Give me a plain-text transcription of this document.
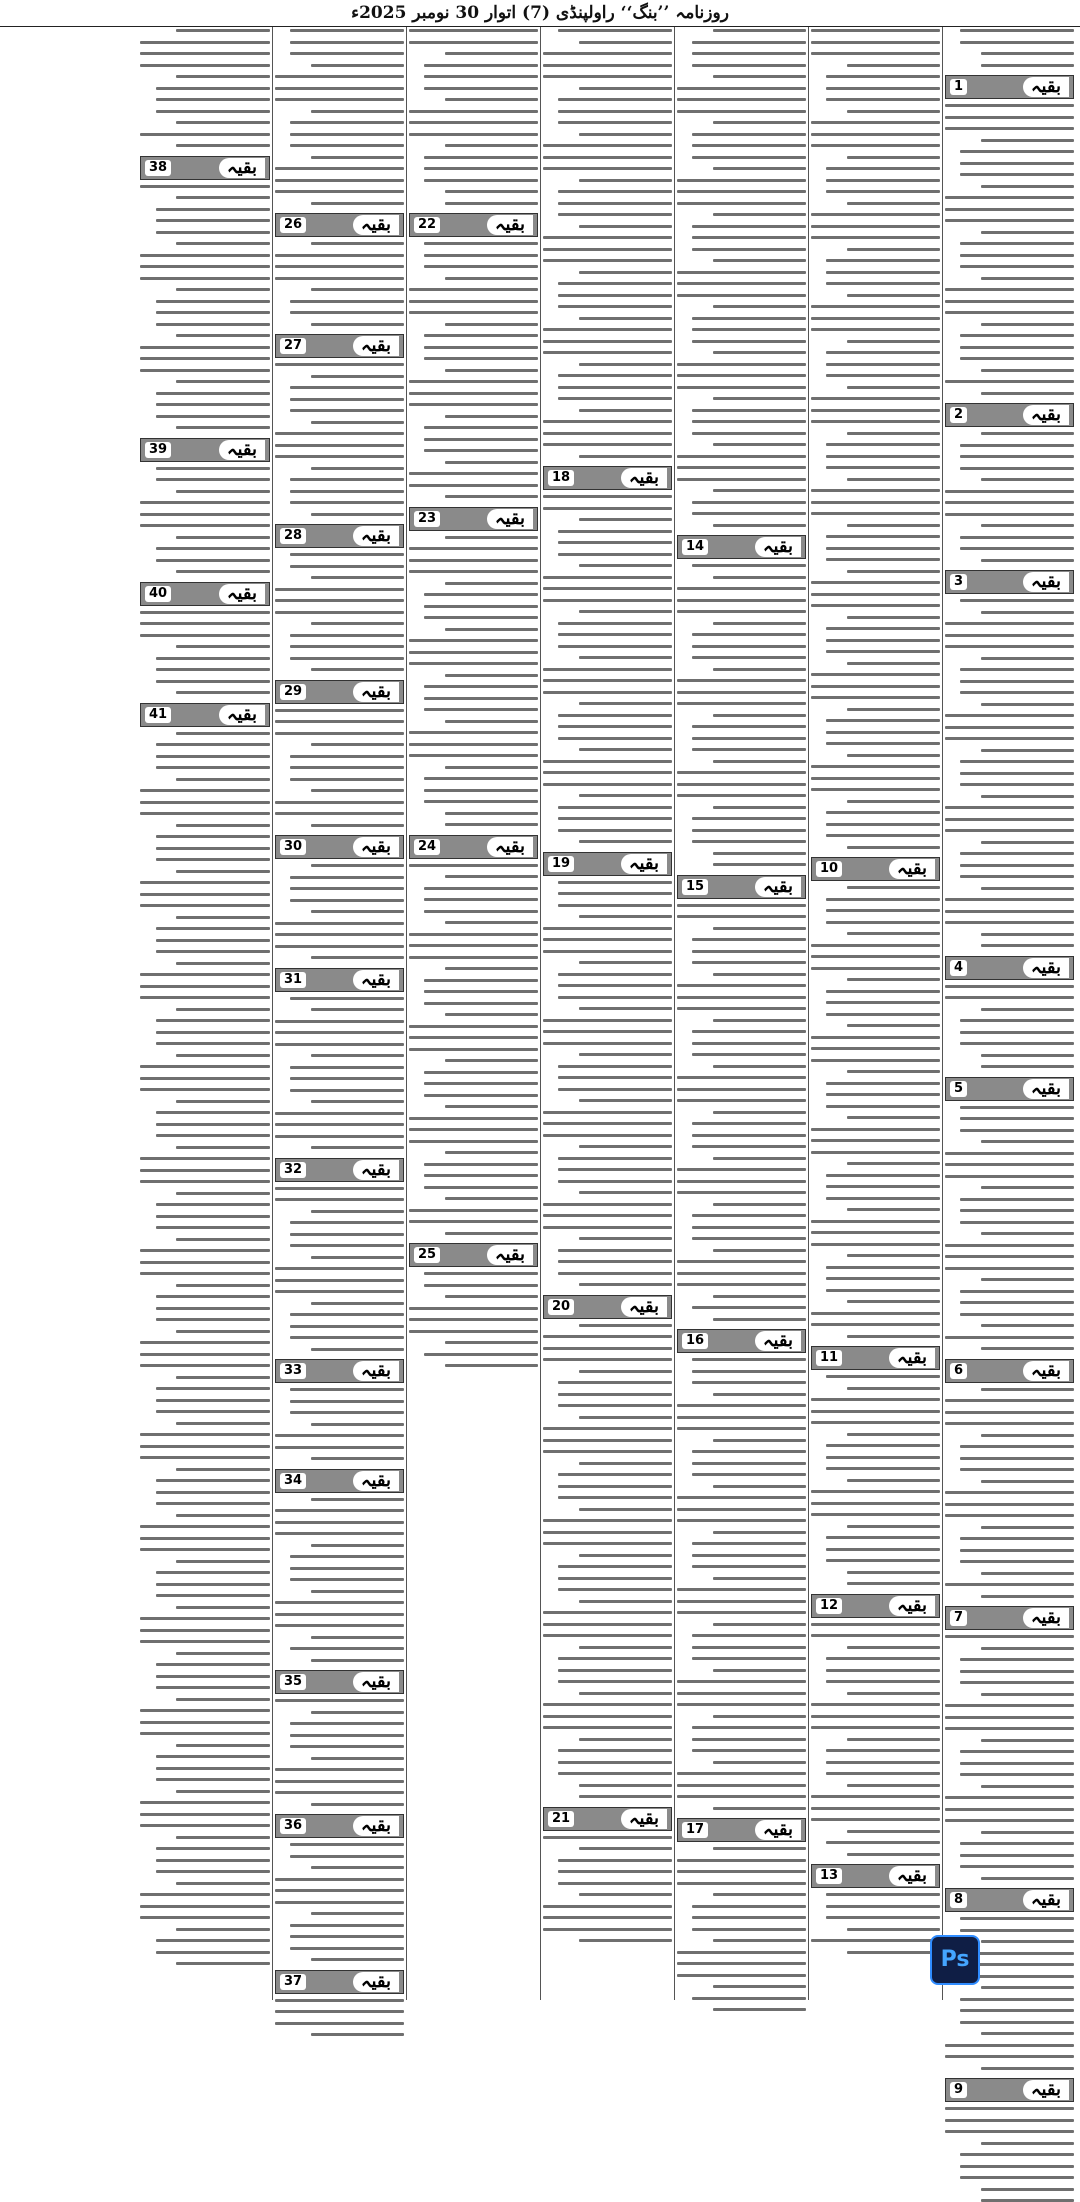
روزنامہ ’’بنگ‘‘ راولپنڈی (7) اتوار 30 نومبر 2025ء
1	بقیہ
2	بقیہ
3	بقیہ
4	بقیہ
5	بقیہ
6	بقیہ
7	بقیہ
8	بقیہ
9	بقیہ
10	بقیہ
11	بقیہ
12	بقیہ
13	بقیہ
14	بقیہ
15	بقیہ
16	بقیہ
17	بقیہ
18	بقیہ
19	بقیہ
20	بقیہ
21	بقیہ
22	بقیہ
23	بقیہ
24	بقیہ
25	بقیہ
26	بقیہ
27	بقیہ
28	بقیہ
29	بقیہ
30	بقیہ
31	بقیہ
32	بقیہ
33	بقیہ
34	بقیہ
35	بقیہ
36	بقیہ
37	بقیہ
38	بقیہ
39	بقیہ
40	بقیہ
41	بقیہ
Ps
